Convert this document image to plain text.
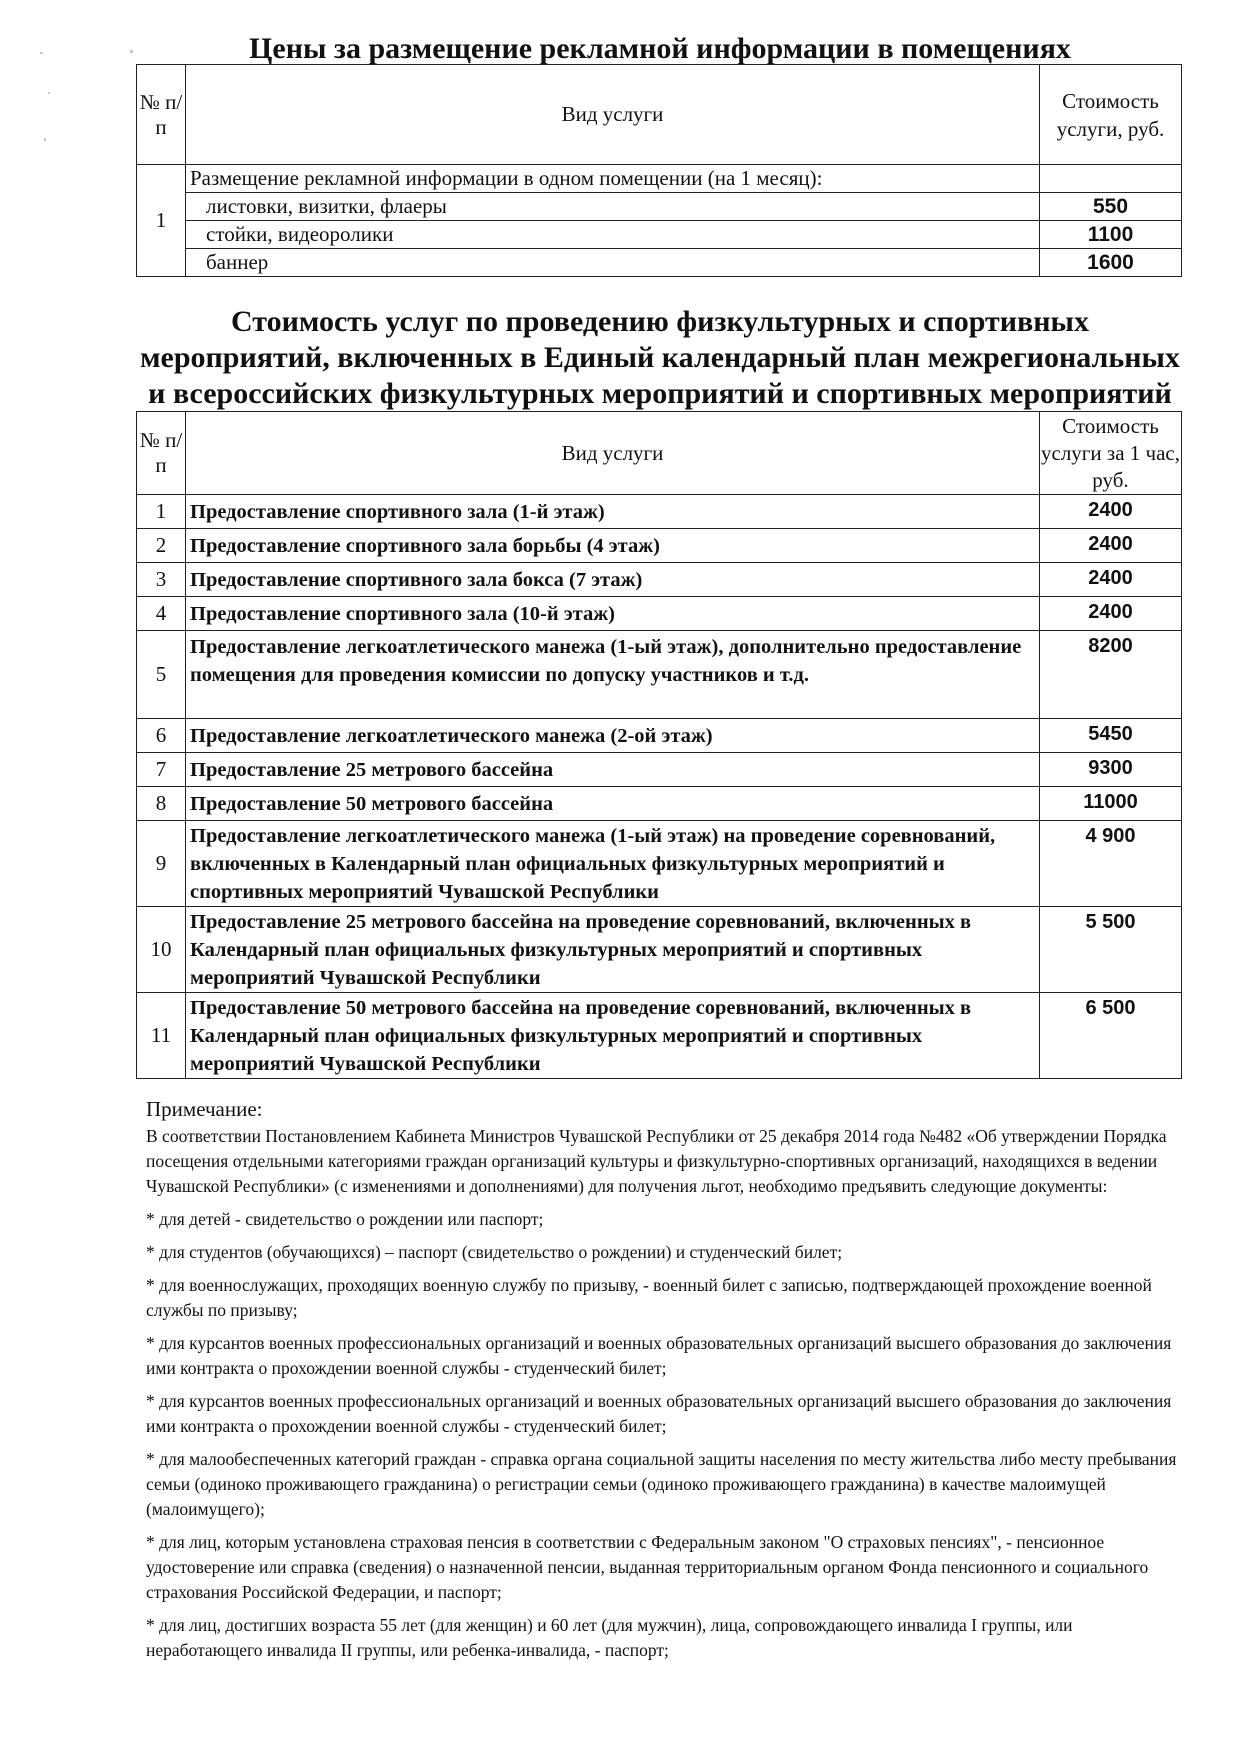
Цены за размещение рекламной информации в помещениях
№ п/п	Вид услуги	Стоимость услуги, руб.
1	Размещение рекламной информации в одном помещении (на 1 месяц):	
	листовки, визитки, флаеры	550
	стойки, видеоролики	1100
	баннер	1600
Стоимость услуг по проведению физкультурных и спортивных мероприятий, включенных в Единый календарный план межрегиональных и всероссийских физкультурных мероприятий и спортивных мероприятий
№ п/п	Вид услуги	Стоимость услуги за 1 час, руб.
1	Предоставление спортивного зала (1-й этаж)	2400
2	Предоставление спортивного зала борьбы (4 этаж)	2400
3	Предоставление спортивного зала бокса (7 этаж)	2400
4	Предоставление спортивного зала (10-й этаж)	2400
5	Предоставление легкоатлетического манежа (1-ый этаж), дополнительно предоставление помещения для проведения комиссии по допуску участников и т.д.	8200
6	Предоставление легкоатлетического манежа (2-ой этаж)	5450
7	Предоставление 25 метрового бассейна	9300
8	Предоставление 50 метрового бассейна	11000
9	Предоставление легкоатлетического манежа (1-ый этаж) на проведение соревнований, включенных в Календарный план официальных физкультурных мероприятий и спортивных мероприятий Чувашской Республики	4 900
10	Предоставление 25 метрового бассейна на проведение соревнований, включенных в Календарный план официальных физкультурных мероприятий и спортивных мероприятий Чувашской Республики	5 500
11	Предоставление 50 метрового бассейна на проведение соревнований, включенных в Календарный план официальных физкультурных мероприятий и спортивных мероприятий Чувашской Республики	6 500
Примечание:

В соответствии Постановлением Кабинета Министров Чувашской Республики от 25 декабря 2014 года №482 «Об утверждении Порядка посещения отдельными категориями граждан организаций культуры и физкультурно-спортивных организаций, находящихся в ведении Чувашской Республики» (с изменениями и дополнениями) для получения льгот, необходимо предъявить следующие документы:

* для детей - свидетельство о рождении или паспорт;

* для студентов (обучающихся) – паспорт (свидетельство о рождении) и студенческий билет;

* для военнослужащих, проходящих военную службу по призыву, - военный билет с записью, подтверждающей прохождение военной службы по призыву;

* для курсантов военных профессиональных организаций и военных образовательных организаций высшего образования до заключения ими контракта о прохождении военной службы - студенческий билет;

* для курсантов военных профессиональных организаций и военных образовательных организаций высшего образования до заключения ими контракта о прохождении военной службы - студенческий билет;

* для малообеспеченных категорий граждан - справка органа социальной защиты населения по месту жительства либо месту пребывания семьи (одиноко проживающего гражданина) о регистрации семьи (одиноко проживающего гражданина) в качестве малоимущей (малоимущего);

* для лиц, которым установлена страховая пенсия в соответствии с Федеральным законом "О страховых пенсиях", - пенсионное удостоверение или справка (сведения) о назначенной пенсии, выданная территориальным органом Фонда пенсионного и социального страхования Российской Федерации, и паспорт;

* для лиц, достигших возраста 55 лет (для женщин) и 60 лет (для мужчин), лица, сопровождающего инвалида I группы, или неработающего инвалида II группы, или ребенка-инвалида, - паспорт;
